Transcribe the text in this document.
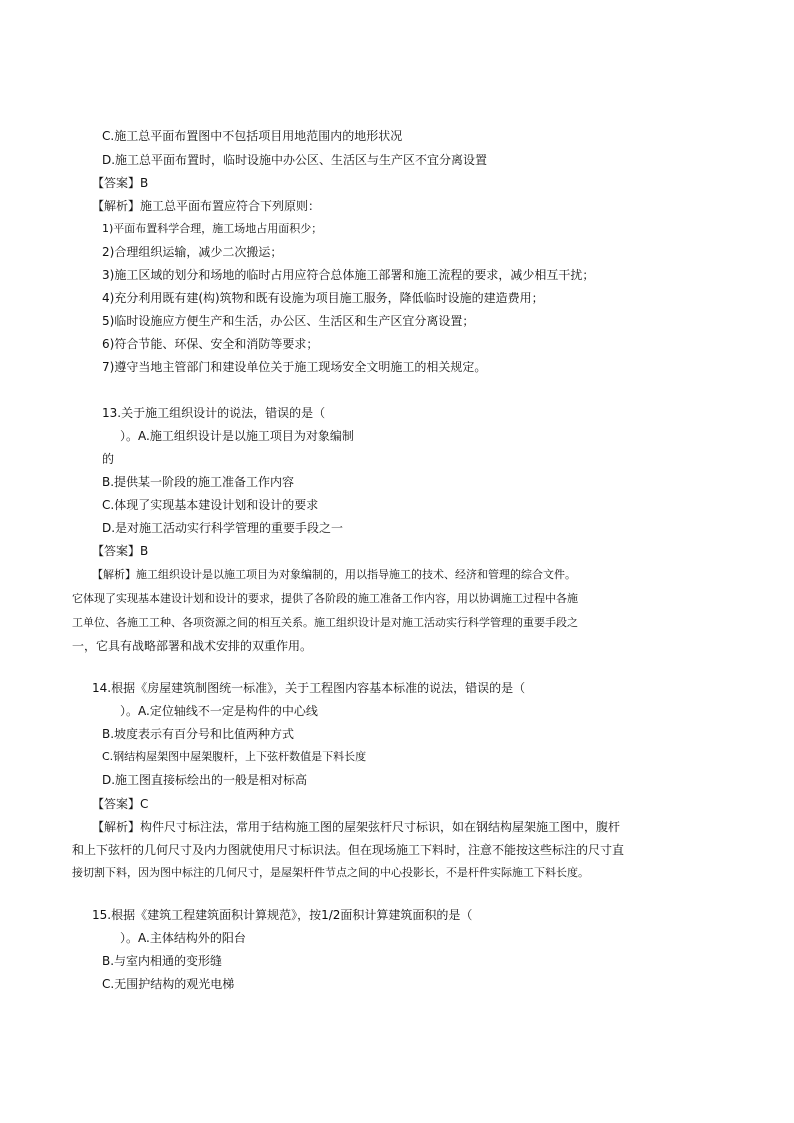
C.施工总平面布置图中不包括项目用地范围内的地形状况
D.施工总平面布置时，临时设施中办公区、生活区与生产区不宜分离设置
【答案】B
【解析】施工总平面布置应符合下列原则：
1)平面布置科学合理，施工场地占用面积少；
2)合理组织运输，减少二次搬运；
3)施工区域的划分和场地的临时占用应符合总体施工部署和施工流程的要求，减少相互干扰；
4)充分利用既有建(构)筑物和既有设施为项目施工服务，降低临时设施的建造费用；
5)临时设施应方便生产和生活，办公区、生活区和生产区宜分离设置；
6)符合节能、环保、安全和消防等要求；
7)遵守当地主管部门和建设单位关于施工现场安全文明施工的相关规定。
13.关于施工组织设计的说法，错误的是（
）。A.施工组织设计是以施工项目为对象编制
的
B.提供某一阶段的施工准备工作内容
C.体现了实现基本建设计划和设计的要求
D.是对施工活动实行科学管理的重要手段之一
【答案】B
【解析】施工组织设计是以施工项目为对象编制的，用以指导施工的技术、经济和管理的综合文件。
它体现了实现基本建设计划和设计的要求，提供了各阶段的施工准备工作内容，用以协调施工过程中各施
工单位、各施工工种、各项资源之间的相互关系。施工组织设计是对施工活动实行科学管理的重要手段之
一，它具有战略部署和战术安排的双重作用。
14.根据《房屋建筑制图统一标准》，关于工程图内容基本标准的说法，错误的是（
）。A.定位轴线不一定是构件的中心线
B.坡度表示有百分号和比值两种方式
C.钢结构屋架图中屋架腹杆，上下弦杆数值是下料长度
D.施工图直接标绘出的一般是相对标高
【答案】C
【解析】构件尺寸标注法，常用于结构施工图的屋架弦杆尺寸标识，如在钢结构屋架施工图中，腹杆
和上下弦杆的几何尺寸及内力图就使用尺寸标识法。但在现场施工下料时，注意不能按这些标注的尺寸直
接切割下料，因为图中标注的几何尺寸，是屋架杆件节点之间的中心投影长，不是杆件实际施工下料长度。
15.根据《建筑工程建筑面积计算规范》，按1/2面积计算建筑面积的是（
）。A.主体结构外的阳台
B.与室内相通的变形缝
C.无围护结构的观光电梯
